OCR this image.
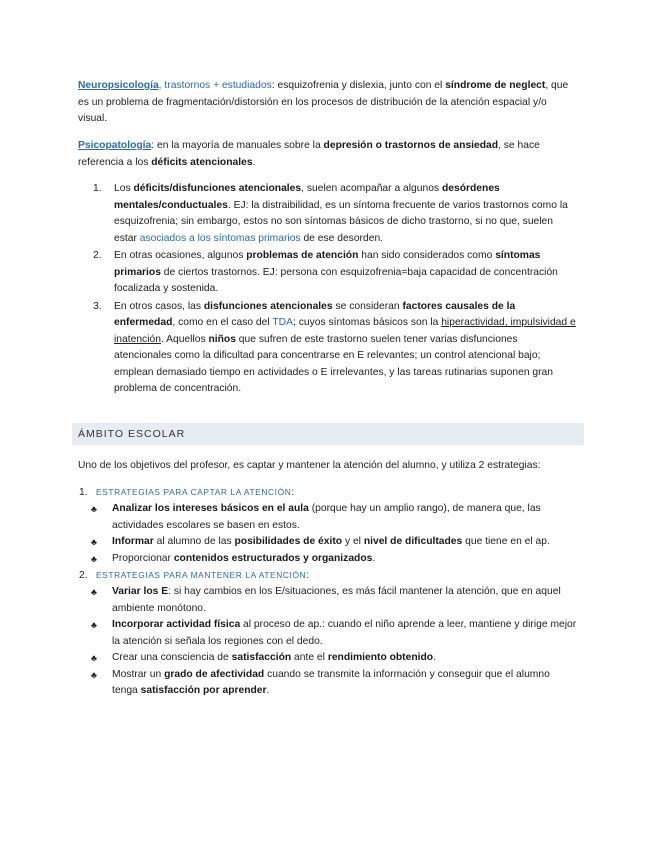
Neuropsicología, trastornos + estudiados: esquizofrenia y dislexia, junto con el síndrome de neglect, que es un problema de fragmentación/distorsión en los procesos de distribución de la atención espacial y/o visual.

Psicopatología: en la mayoría de manuales sobre la depresión o trastornos de ansiedad, se hace referencia a los déficits atencionales.

1. Los déficits/disfunciones atencionales, suelen acompañar a algunos desórdenes mentales/conductuales. EJ: la distraibilidad, es un síntoma frecuente de varios trastornos como la esquizofrenia; sin embargo, estos no son síntomas básicos de dicho trastorno, si no que, suelen estar asociados a los síntomas primarios de ese desorden.
2. En otras ocasiones, algunos problemas de atención han sido considerados como síntomas primarios de ciertos trastornos. EJ: persona con esquizofrenia=baja capacidad de concentración focalizada y sostenida.
3. En otros casos, las disfunciones atencionales se consideran factores causales de la enfermedad, como en el caso del TDA; cuyos síntomas básicos son la hiperactividad, impulsividad e inatención. Aquellos niños que sufren de este trastorno suelen tener varias disfunciones atencionales como la dificultad para concentrarse en E relevantes; un control atencional bajo; emplean demasiado tiempo en actividades o E irrelevantes, y las tareas rutinarias suponen gran problema de concentración.
ÁMBITO ESCOLAR

Uno de los objetivos del profesor, es captar y mantener la atención del alumno, y utiliza 2 estrategias:

1. ESTRATEGIAS PARA CAPTAR LA ATENCIÓN:
♣ Analizar los intereses básicos en el aula (porque hay un amplio rango), de manera que, las actividades escolares se basen en estos.
♣ Informar al alumno de las posibilidades de éxito y el nivel de dificultades que tiene en el ap.
♣ Proporcionar contenidos estructurados y organizados.
2. ESTRATEGIAS PARA MANTENER LA ATENCIÓN:
♣ Variar los E: si hay cambios en los E/situaciones, es más fácil mantener la atención, que en aquel ambiente monótono.
♣ Incorporar actividad física al proceso de ap.: cuando el niño aprende a leer, mantiene y dirige mejor la atención si señala los regiones con el dedo.
♣ Crear una consciencia de satisfacción ante el rendimiento obtenido.
♣ Mostrar un grado de afectividad cuando se transmite la información y conseguir que el alumno tenga satisfacción por aprender.
